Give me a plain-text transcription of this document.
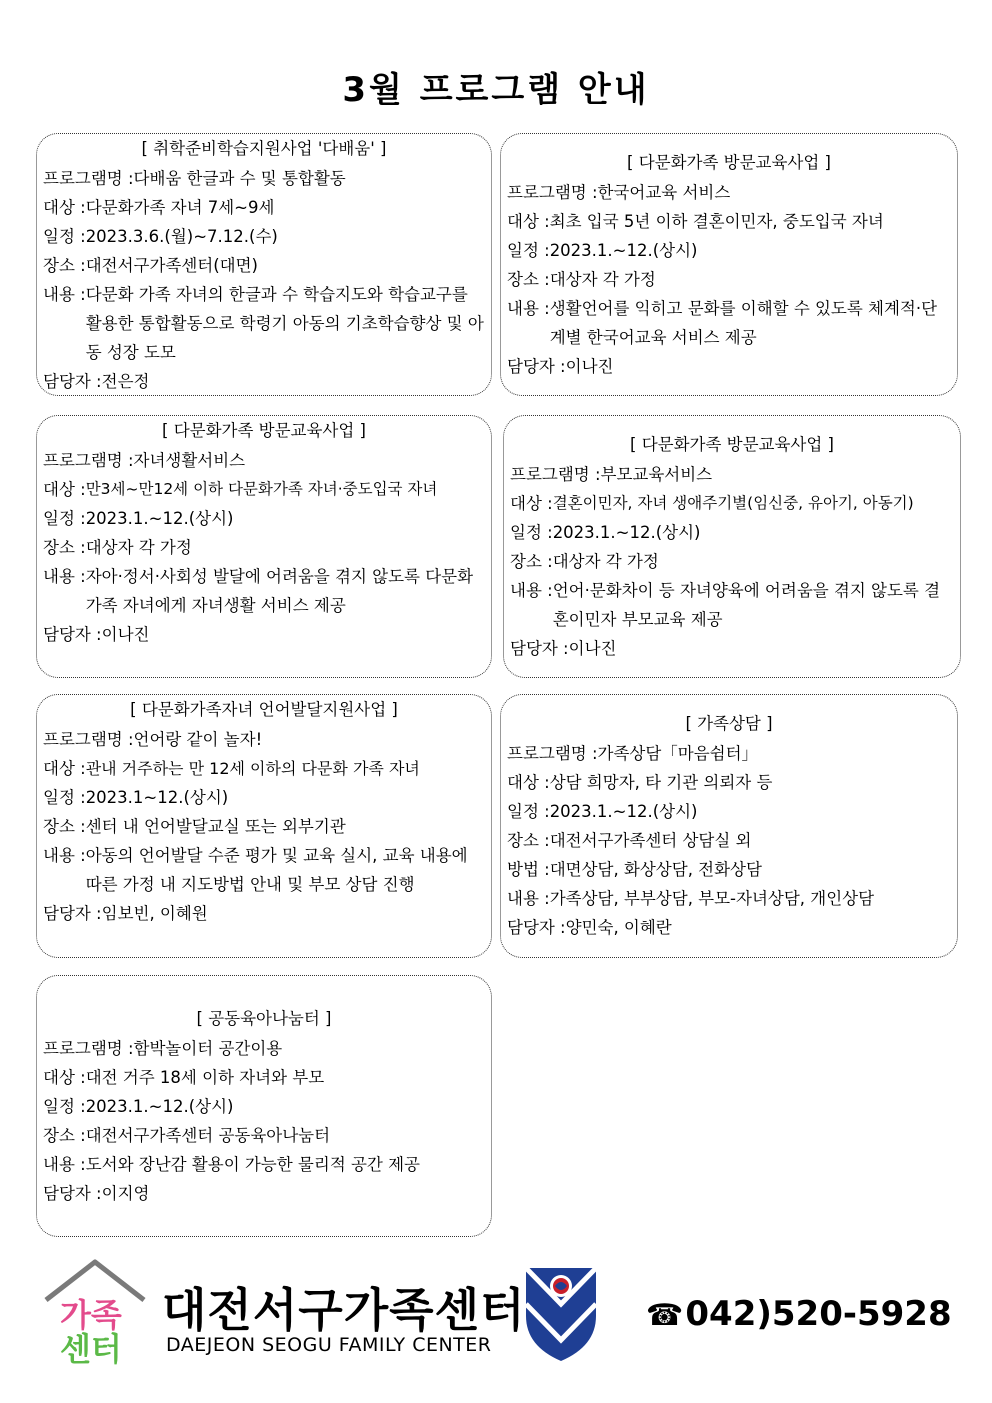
3월 프로그램 안내
[ 취학준비학습지원사업 '다배움' ]
프로그램명 : 다배움 한글과 수 및 통합활동
대상 : 다문화가족 자녀 7세~9세
일정 : 2023.3.6.(월)~7.12.(수)
장소 : 대전서구가족센터(대면)
내용 : 다문화 가족 자녀의 한글과 수 학습지도와 학습교구를 활용한 통합활동으로 학령기 아동의 기초학습향상 및 아동 성장 도모
담당자 : 전은정
[ 다문화가족 방문교육사업 ]
프로그램명 : 한국어교육 서비스
대상 : 최초 입국 5년 이하 결혼이민자, 중도입국 자녀
일정 : 2023.1.~12.(상시)
장소 : 대상자 각 가정
내용 : 생활언어를 익히고 문화를 이해할 수 있도록 체계적·단계별 한국어교육 서비스 제공
담당자 : 이나진
[ 다문화가족 방문교육사업 ]
프로그램명 : 자녀생활서비스
대상 : 만3세~만12세 이하 다문화가족 자녀·중도입국 자녀
일정 : 2023.1.~12.(상시)
장소 : 대상자 각 가정
내용 : 자아·정서·사회성 발달에 어려움을 겪지 않도록 다문화가족 자녀에게 자녀생활 서비스 제공
담당자 : 이나진
[ 다문화가족 방문교육사업 ]
프로그램명 : 부모교육서비스
대상 : 결혼이민자, 자녀 생애주기별(임신중, 유아기, 아동기)
일정 : 2023.1.~12.(상시)
장소 : 대상자 각 가정
내용 : 언어·문화차이 등 자녀양육에 어려움을 겪지 않도록 결혼이민자 부모교육 제공
담당자 : 이나진
[ 다문화가족자녀 언어발달지원사업 ]
프로그램명 : 언어랑 같이 놀자!
대상 : 관내 거주하는 만 12세 이하의 다문화 가족 자녀
일정 : 2023.1~12.(상시)
장소 : 센터 내 언어발달교실 또는 외부기관
내용 : 아동의 언어발달 수준 평가 및 교육 실시, 교육 내용에 따른 가정 내 지도방법 안내 및 부모 상담 진행
담당자 : 임보빈, 이혜원
[ 가족상담 ]
프로그램명 : 가족상담「마음쉼터」
대상 : 상담 희망자, 타 기관 의뢰자 등
일정 : 2023.1.~12.(상시)
장소 : 대전서구가족센터 상담실 외
방법 : 대면상담, 화상상담, 전화상담
내용 : 가족상담, 부부상담, 부모-자녀상담, 개인상담
담당자 : 양민숙, 이혜란
[ 공동육아나눔터 ]
프로그램명 : 함박놀이터 공간이용
대상 : 대전 거주 18세 이하 자녀와 부모
일정 : 2023.1.~12.(상시)
장소 : 대전서구가족센터 공동육아나눔터
내용 : 도서와 장난감 활용이 가능한 물리적 공간 제공
담당자 : 이지영
가족
센터
대전서구가족센터
DAEJEON SEOGU FAMILY CENTER
☎042)520-5928
